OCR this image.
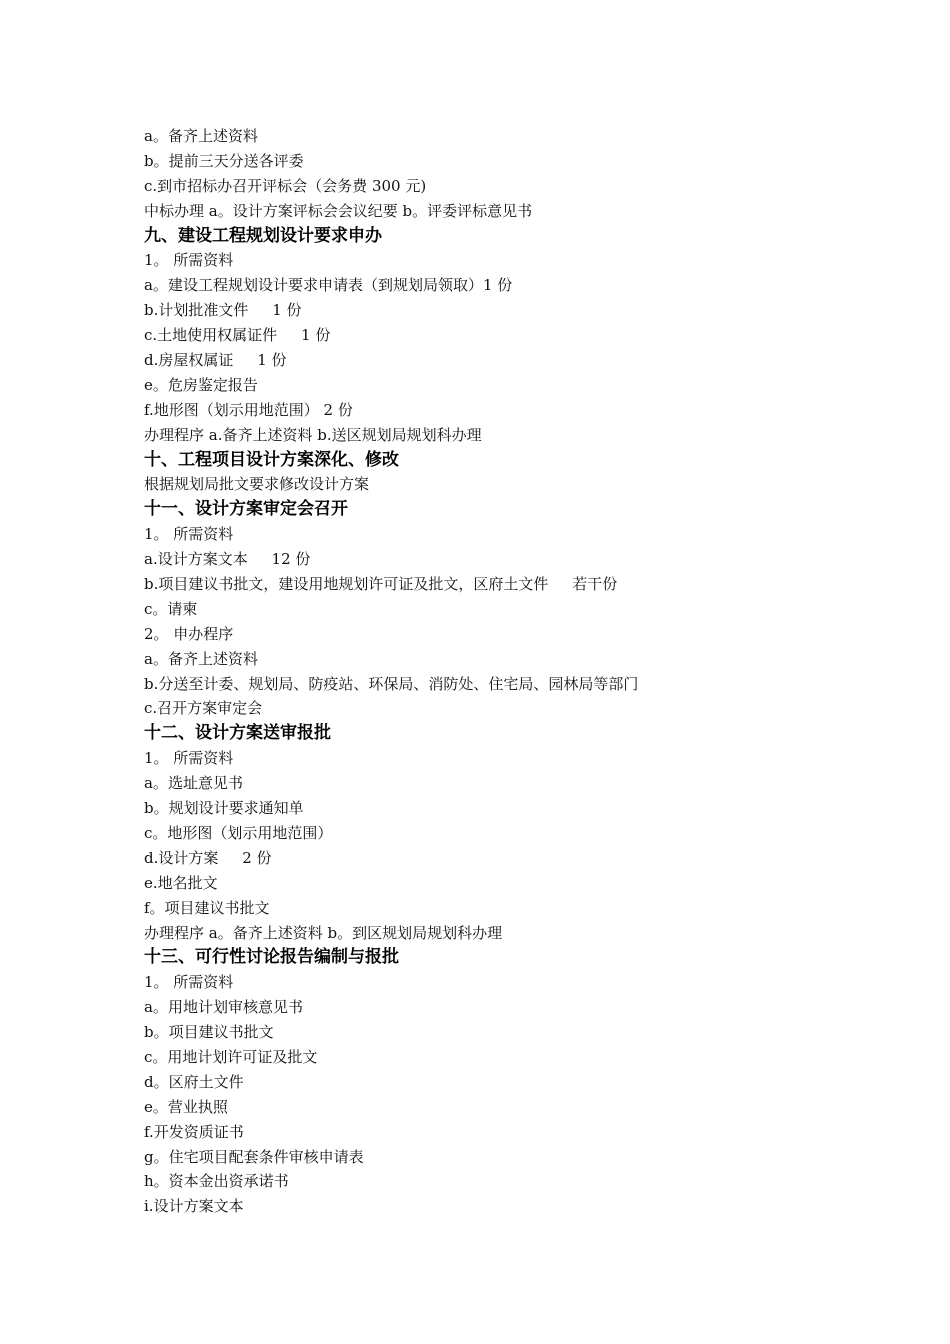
a。备齐上述资料
b。提前三天分送各评委
c.到市招标办召开评标会（会务费 300 元)
中标办理 a。设计方案评标会会议纪要 b。评委评标意见书
九、建设工程规划设计要求申办
1。 所需资料
a。建设工程规划设计要求申请表（到规划局领取）1 份
b.计划批准文件     1 份
c.土地使用权属证件     1 份
d.房屋权属证     1 份
e。危房鉴定报告
f.地形图（划示用地范围） 2 份
办理程序 a.备齐上述资料 b.送区规划局规划科办理
十、工程项目设计方案深化、修改
根据规划局批文要求修改设计方案
十一、设计方案审定会召开
1。 所需资料
a.设计方案文本     12 份
b.项目建议书批文，建设用地规划许可证及批文，区府土文件     若干份
c。请柬
2。 申办程序
a。备齐上述资料
b.分送至计委、规划局、防疫站、环保局、消防处、住宅局、园林局等部门
c.召开方案审定会
十二、设计方案送审报批
1。 所需资料
a。选址意见书
b。规划设计要求通知单
c。地形图（划示用地范围）
d.设计方案     2 份
e.地名批文
f。项目建议书批文
办理程序 a。备齐上述资料 b。到区规划局规划科办理
十三、可行性讨论报告编制与报批
1。 所需资料
a。用地计划审核意见书
b。项目建议书批文
c。用地计划许可证及批文
d。区府土文件
e。营业执照
f.开发资质证书
g。住宅项目配套条件审核申请表
h。资本金出资承诺书
i.设计方案文本
